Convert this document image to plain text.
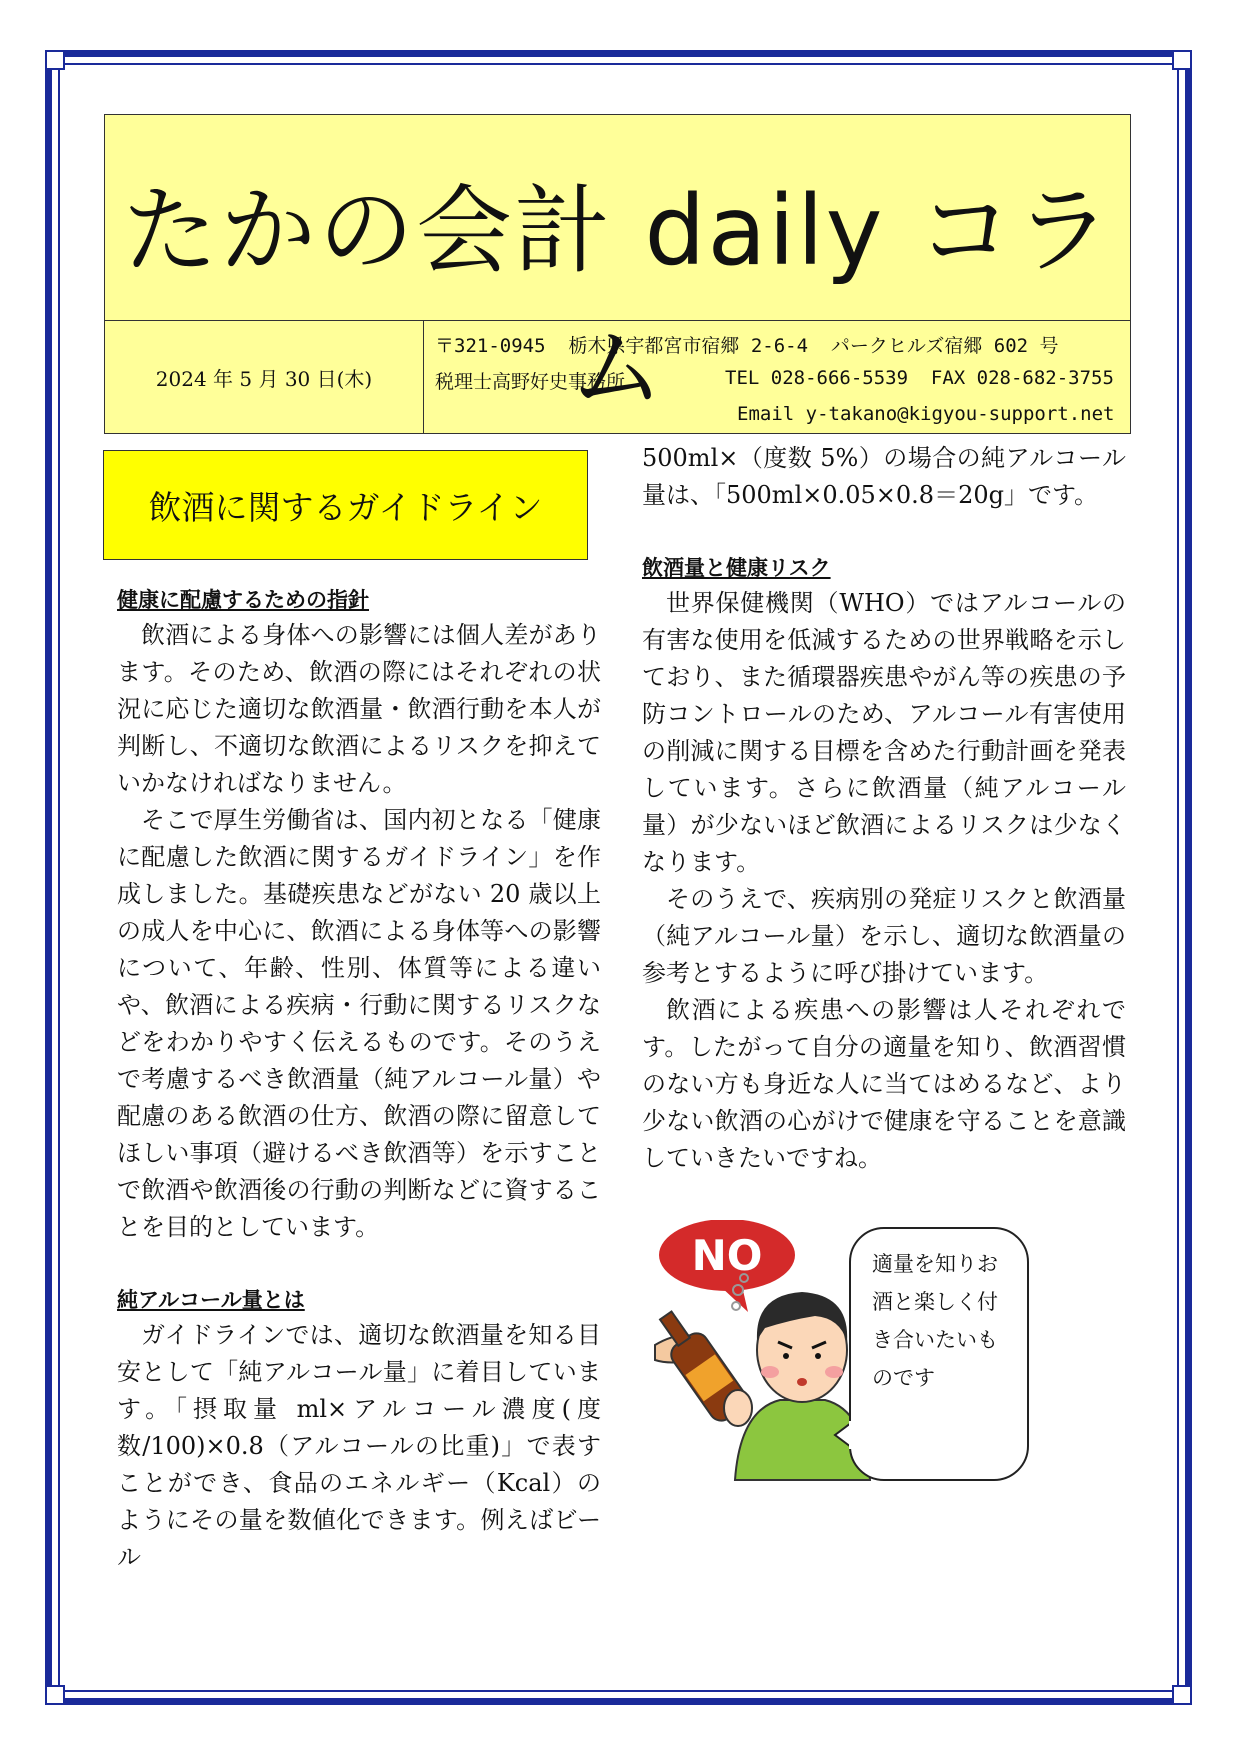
たかの会計 daily コラム
2024 年 5 月 30 日(木)
〒321-0945  栃木県宇都宮市宿郷 2-6-4  パークヒルズ宿郷 602 号
税理士高野好史事務所	TEL 028-666-5539  FAX 028-682-3755
Email y-takano@kigyou-support.net
飲酒に関するガイドライン
健康に配慮するための指針

飲酒による身体への影響には個人差があります。そのため、飲酒の際にはそれぞれの状況に応じた適切な飲酒量・飲酒行動を本人が判断し、不適切な飲酒によるリスクを抑えていかなければなりません。

そこで厚生労働省は、国内初となる「健康に配慮した飲酒に関するガイドライン」を作成しました。基礎疾患などがない 20 歳以上の成人を中心に、飲酒による身体等への影響について、年齢、性別、体質等による違いや、飲酒による疾病・行動に関するリスクなどをわかりやすく伝えるものです。そのうえで考慮するべき飲酒量（純アルコール量）や配慮のある飲酒の仕方、飲酒の際に留意してほしい事項（避けるべき飲酒等）を示すことで飲酒や飲酒後の行動の判断などに資することを目的としています。

純アルコール量とは

ガイドラインでは、適切な飲酒量を知る目安として「純アルコール量」に着目しています。「摂取量 ml×アルコール濃度(度数/100)×0.8（アルコールの比重)」で表すことができ、食品のエネルギー（Kcal）のようにその量を数値化できます。例えばビール

500ml×（度数 5%）の場合の純アルコール量は、「500ml×0.05×0.8＝20g」です。

飲酒量と健康リスク

世界保健機関（WHO）ではアルコールの有害な使用を低減するための世界戦略を示しており、また循環器疾患やがん等の疾患の予防コントロールのため、アルコール有害使用の削減に関する目標を含めた行動計画を発表しています。さらに飲酒量（純アルコール量）が少ないほど飲酒によるリスクは少なくなります。

そのうえで、疾病別の発症リスクと飲酒量（純アルコール量）を示し、適切な飲酒量の参考とするように呼び掛けています。

飲酒による疾患への影響は人それぞれです。したがって自分の適量を知り、飲酒習慣のない方も身近な人に当てはめるなど、より少ない飲酒の心がけで健康を守ることを意識していきたいですね。

NO	適量を知りお
酒と楽しく付
き合いたいも
のです
